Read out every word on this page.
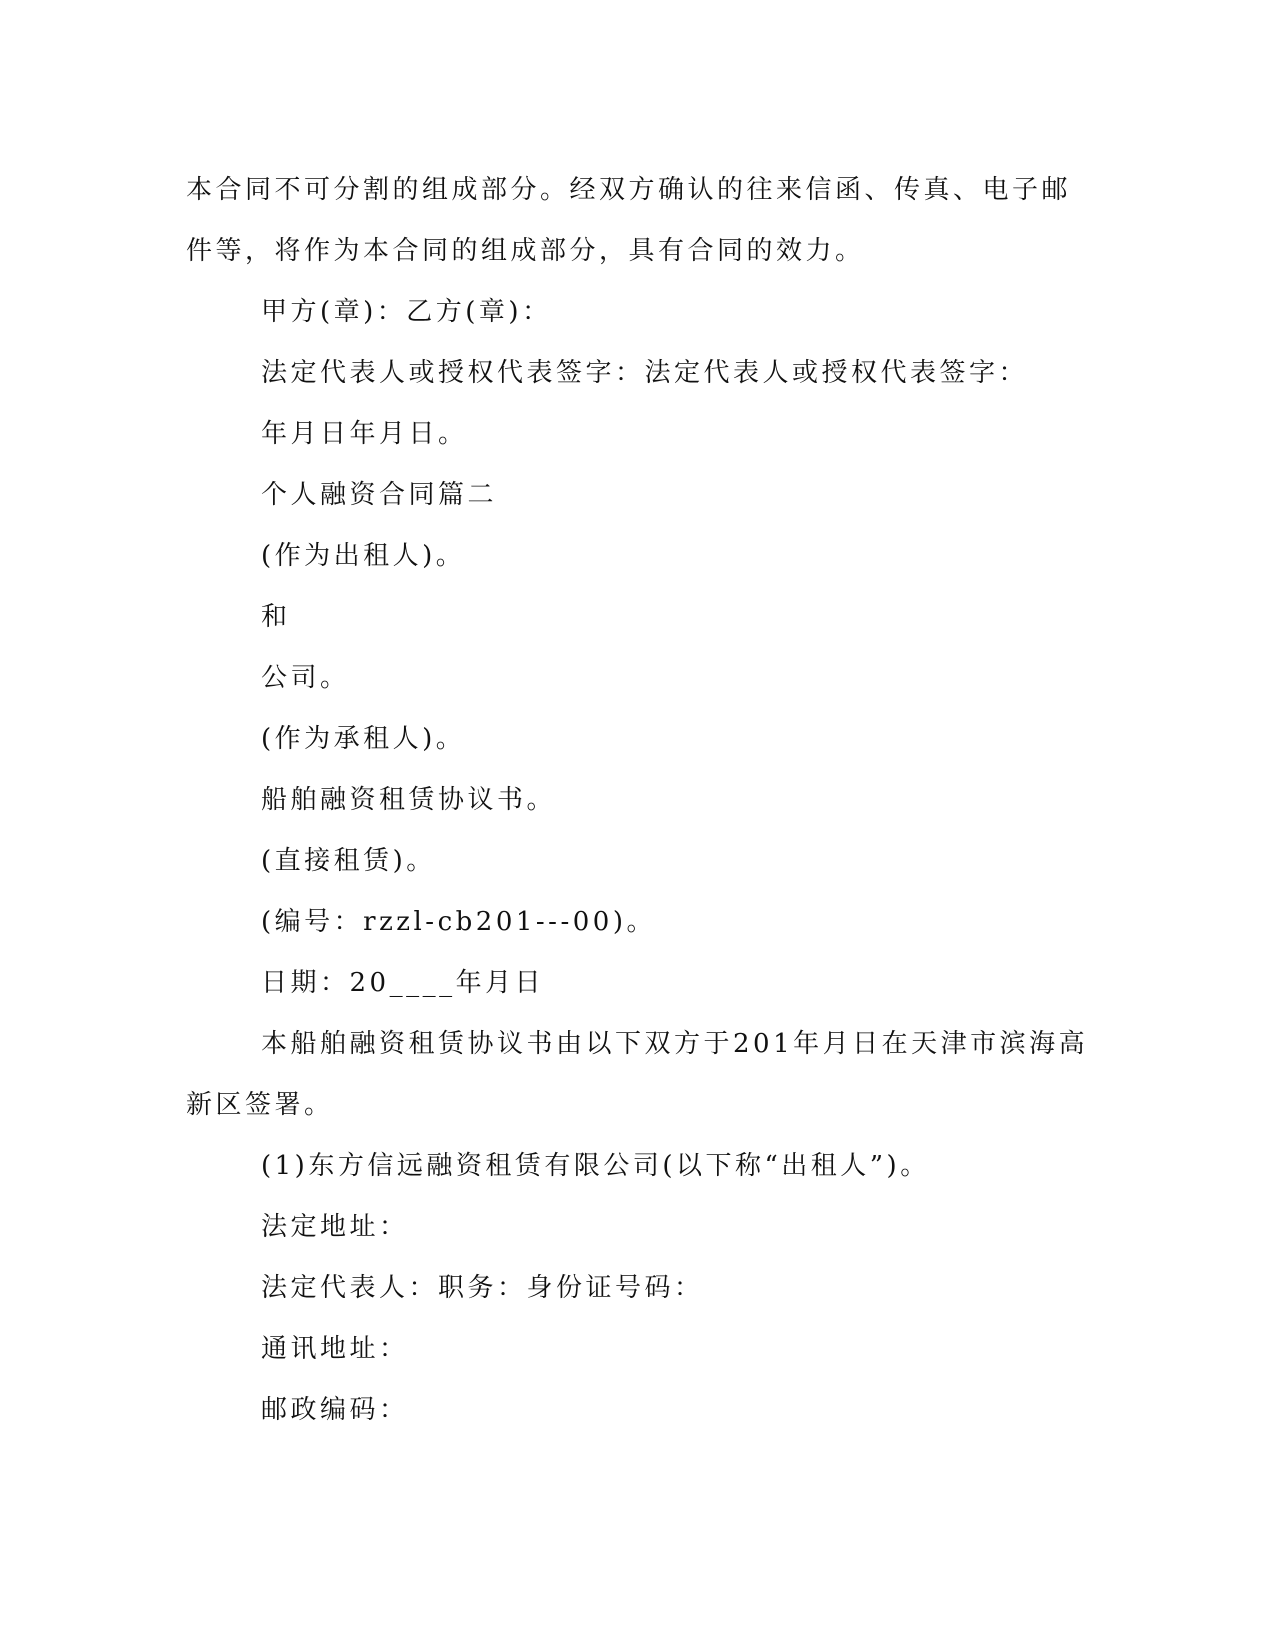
本合同不可分割的组成部分。经双方确认的往来信函、传真、电子邮
件等，将作为本合同的组成部分，具有合同的效力。
甲方(章)：乙方(章)：
法定代表人或授权代表签字：法定代表人或授权代表签字：
年月日年月日。
个人融资合同篇二
(作为出租人)。
和
公司。
(作为承租人)。
船舶融资租赁协议书。
(直接租赁)。
(编号：rzzl-cb201---00)。
日期：20____年月日
本船舶融资租赁协议书由以下双方于201年月日在天津市滨海高
新区签署。
(1)东方信远融资租赁有限公司(以下称“出租人”)。
法定地址：
法定代表人：职务：身份证号码：
通讯地址：
邮政编码：
